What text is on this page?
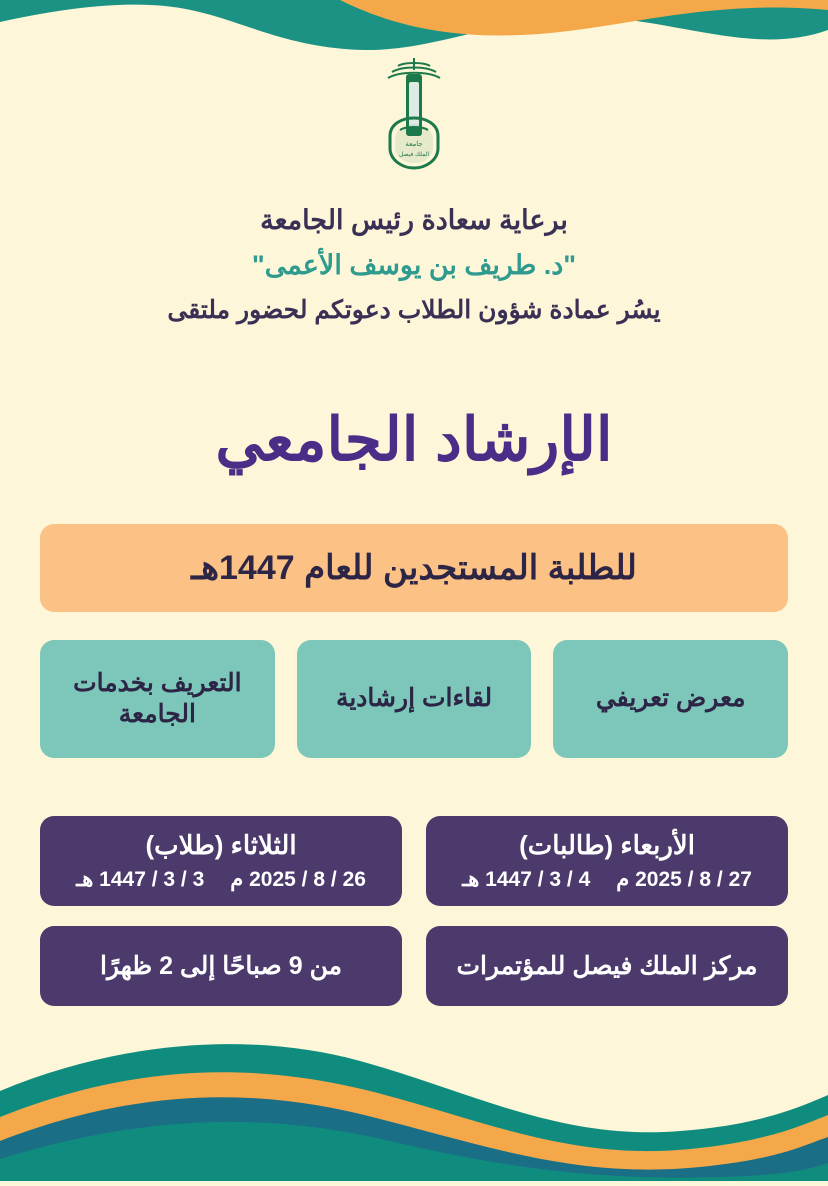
جامعة
الملك فيصل
برعاية سعادة رئيس الجامعة
"د. طريف بن يوسف الأعمى"
يسُر عمادة شؤون الطلاب دعوتكم لحضور ملتقى
الإرشاد الجامعي
للطلبة المستجدين للعام 1447هـ
التعريف بخدمات الجامعة
لقاءات إرشادية	معرض تعريفي
الثلاثاء (طلاب)
3 / 3 / 1447 هـ 26 / 8 / 2025 م
الأربعاء (طالبات)
4 / 3 / 1447 هـ 27 / 8 / 2025 م
من 9 صباحًا إلى 2 ظهرًا	مركز الملك فيصل للمؤتمرات
